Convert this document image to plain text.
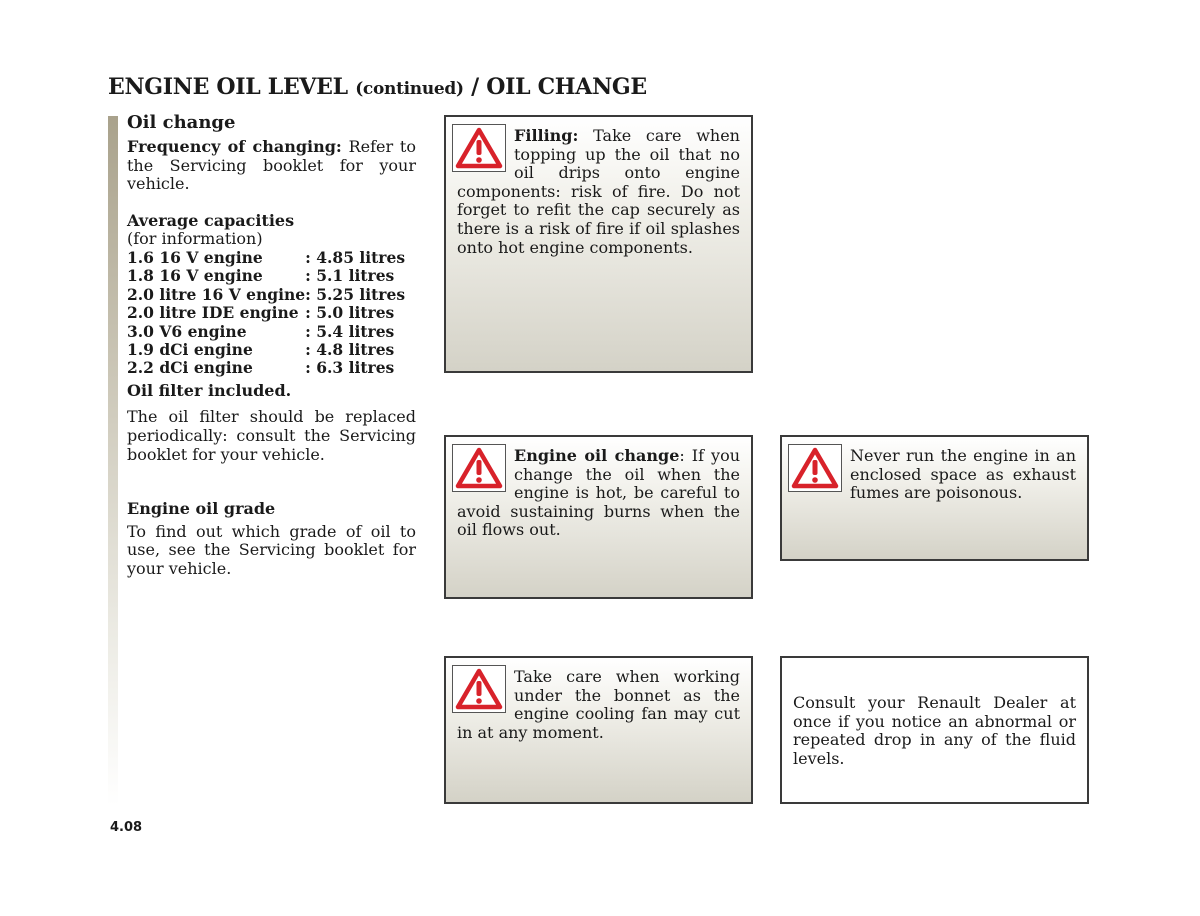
ENGINE OIL LEVEL (continued) / OIL CHANGE
Oil change

Frequency of changing: Refer to the Servicing booklet for your vehicle.

Average capacities
(for information)
1.6 16 V engine	: 4.85 litres
1.8 16 V engine	: 5.1 litres
2.0 litre 16 V engine	: 5.25 litres
2.0 litre IDE engine	: 5.0 litres
3.0 V6 engine	: 5.4 litres
1.9 dCi engine	: 4.8 litres
2.2 dCi engine	: 6.3 litres
Oil filter included.

The oil filter should be replaced periodically: consult the Servicing booklet for your vehicle.

Engine oil grade

To find out which grade of oil to use, see the Servicing booklet for your vehicle.

Filling: Take care when topping up the oil that no oil drips onto engine components: risk of fire. Do not forget to refit the cap securely as there is a risk of fire if oil splashes onto hot engine components.
Engine oil change: If you change the oil when the engine is hot, be careful to avoid sustaining burns when the oil flows out.
Never run the engine in an enclosed space as exhaust fumes are poisonous.
Take care when working under the bonnet as the engine cooling fan may cut in at any moment.
Consult your Renault Dealer at once if you notice an abnormal or repeated drop in any of the fluid levels.
4.08
